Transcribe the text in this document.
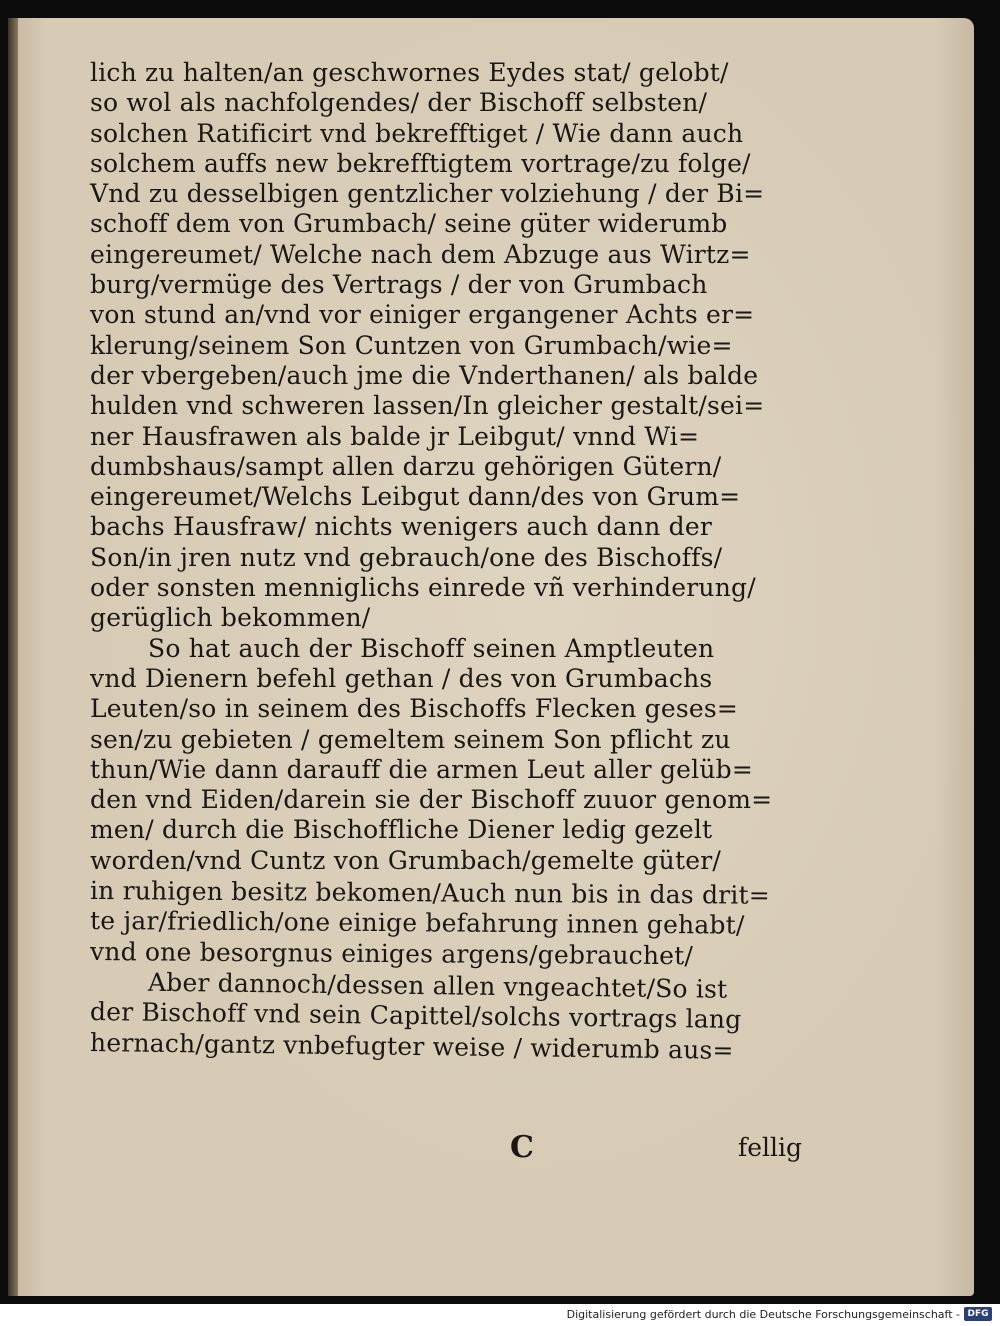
lich zu halten/an geschwornes Eydes stat/ gelobt/
so wol als nachfolgendes/ der Bischoff selbsten/
solchen Ratificirt vnd bekrefftiget / Wie dann auch
solchem auffs new bekrefftigtem vortrage/zu folge/
Vnd zu desselbigen gentzlicher volziehung / der Bi=
schoff dem von Grumbach/ seine güter widerumb
eingereumet/ Welche nach dem Abzuge aus Wirtz=
burg/vermüge des Vertrags / der von Grumbach
von stund an/vnd vor einiger ergangener Achts er=
klerung/seinem Son Cuntzen von Grumbach/wie=
der vbergeben/auch jme die Vnderthanen/ als balde
hulden vnd schweren lassen/In gleicher gestalt/sei=
ner Hausfrawen als balde jr Leibgut/ vnnd Wi=
dumbshaus/sampt allen darzu gehörigen Gütern/
eingereumet/Welchs Leibgut dann/des von Grum=
bachs Hausfraw/ nichts wenigers auch dann der
Son/in jren nutz vnd gebrauch/one des Bischoffs/
oder sonsten menniglichs einrede vñ verhinderung/
gerüglich bekommen/
So hat auch der Bischoff seinen Amptleuten
vnd Dienern befehl gethan / des von Grumbachs
Leuten/so in seinem des Bischoffs Flecken geses=
sen/zu gebieten / gemeltem seinem Son pflicht zu
thun/Wie dann darauff die armen Leut aller gelüb=
den vnd Eiden/darein sie der Bischoff zuuor genom=
men/ durch die Bischoffliche Diener ledig gezelt
worden/vnd Cuntz von Grumbach/gemelte güter/
in ruhigen besitz bekomen/Auch nun bis in das drit=
te jar/friedlich/one einige befahrung innen gehabt/
vnd one besorgnus einiges argens/gebrauchet/
Aber dannoch/dessen allen vngeachtet/So ist
der Bischoff vnd sein Capittel/solchs vortrags lang
hernach/gantz vnbefugter weise / widerumb aus=
C	fellig
Digitalisierung gefördert durch die Deutsche Forschungsgemeinschaft - DFG
